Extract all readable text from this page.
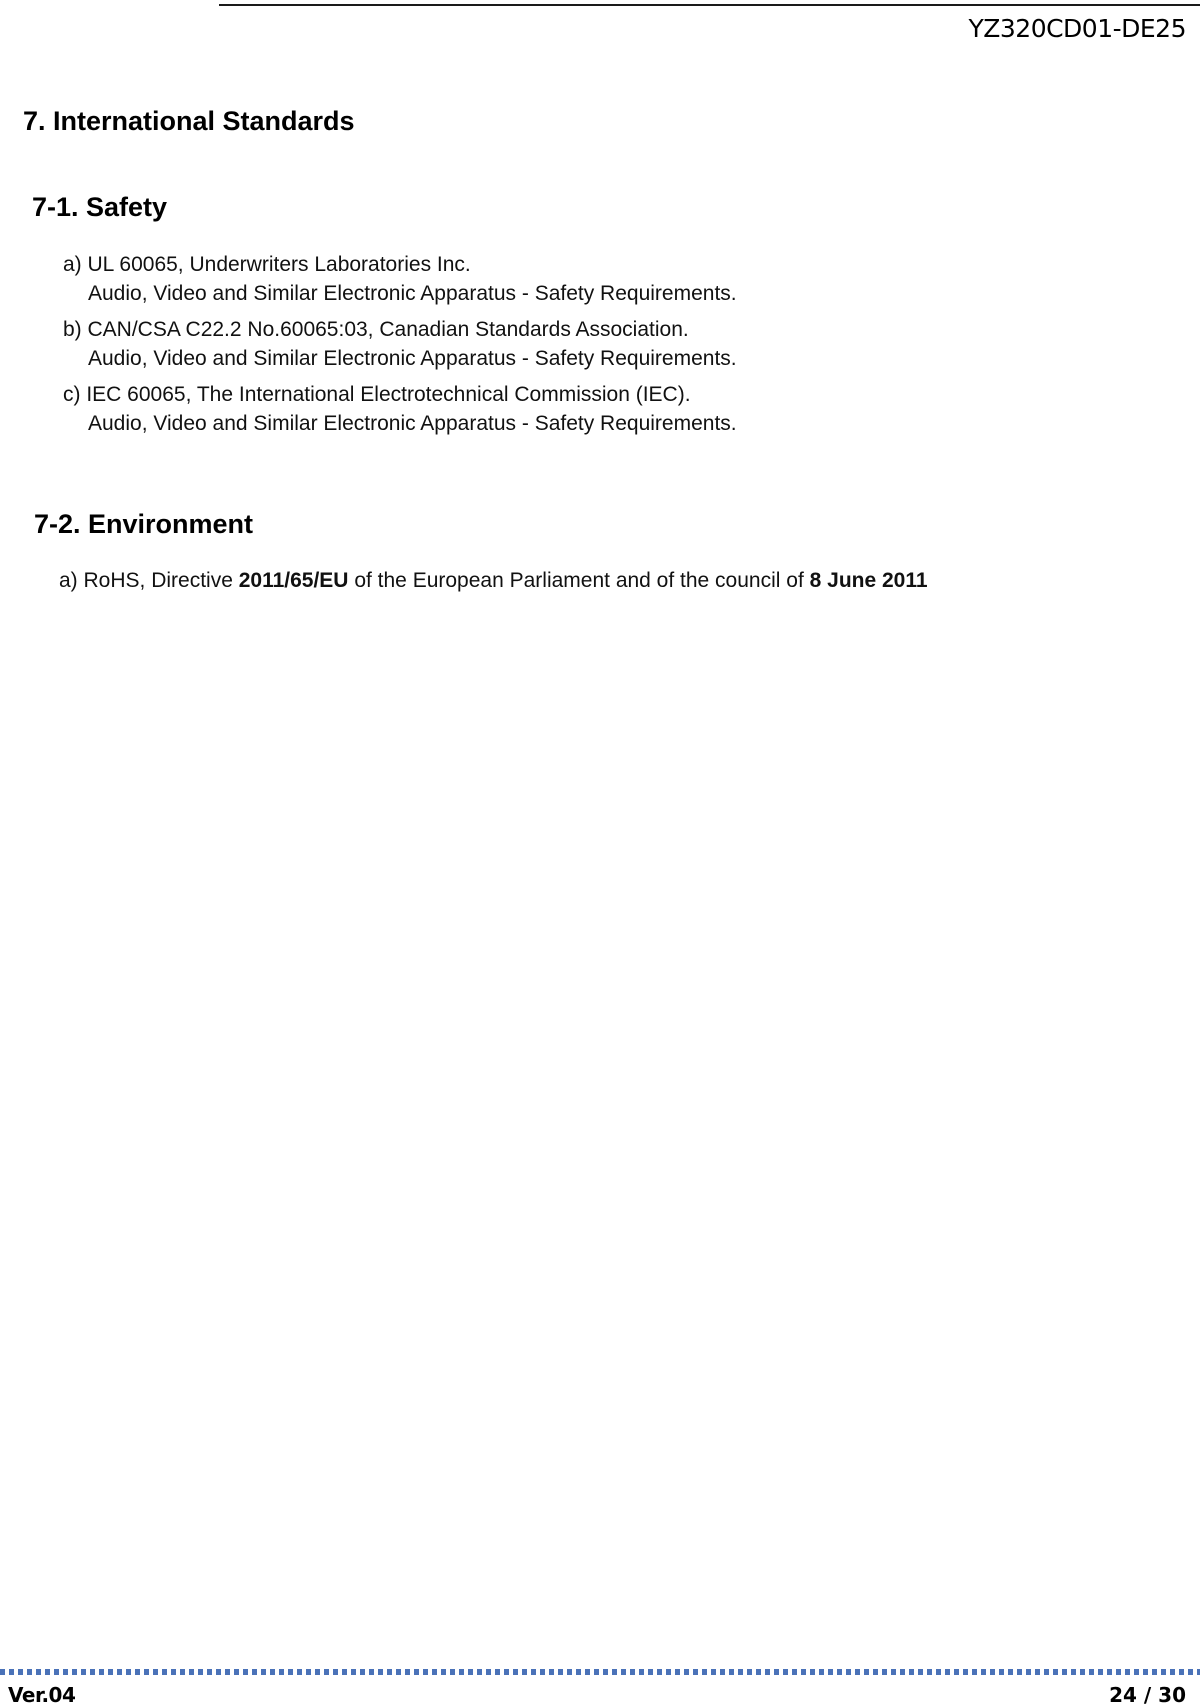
YZ320CD01-DE25
7. International Standards
7-1. Safety

a) UL 60065, Underwriters Laboratories Inc.
Audio, Video and Similar Electronic Apparatus - Safety Requirements.

b) CAN/CSA C22.2 No.60065:03, Canadian Standards Association.
Audio, Video and Similar Electronic Apparatus - Safety Requirements.

c) IEC 60065, The International Electrotechnical Commission (IEC).
Audio, Video and Similar Electronic Apparatus - Safety Requirements.

7-2. Environment

a) RoHS, Directive 2011/65/EU of the European Parliament and of the council of 8 June 2011

Ver.04	24 / 30
